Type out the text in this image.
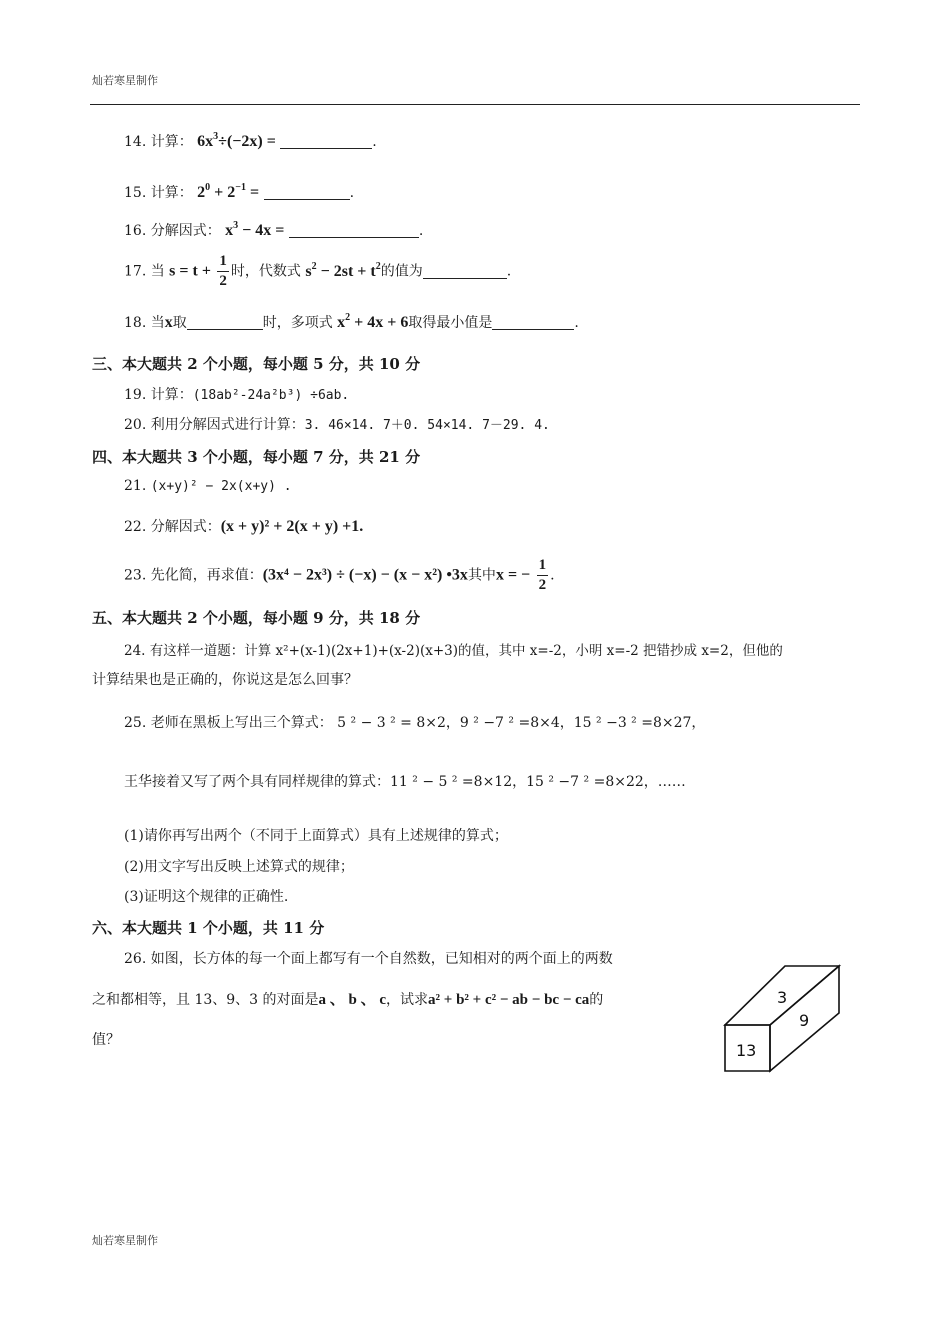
灿若寒星制作
14. 计算： $6x^3\div(-2x)$ =	.
15. 计算： $2^0 + 2^{-1}$ =	.
16. 分解因式： $x^3 - 4x$ =	.
17. 当 $s = t + \frac{1}{2}$ 时，代数式 $s^2 - 2st + t^2$的值为	.
18. 当x取	时，多项式 $x^2 + 4x + 6$取得最小值是	.
三、本大题共 2 个小题，每小题 5 分，共 10 分
19. 计算：(18ab²-24a²b³) ÷6ab.
20. 利用分解因式进行计算：3. 46×14. 7＋0. 54×14. 7－29. 4.
四、本大题共 3 个小题，每小题 7 分，共 21 分
21. (x+y)² − 2x(x+y) .
22. 分解因式：(x + y)² + 2(x + y) +1.
23. 先化简，再求值：(3x⁴ − 2x³) ÷ (−x) − (x − x²) •3x其中x = − $\frac{1}{2}$ .
五、本大题共 2 个小题，每小题 9 分，共 18 分
24. 有这样一道题：计算 x²+(x-1)(2x+1)+(x-2)(x+3)的值，其中 x=-2，小明 x=-2 把错抄成 x=2，但他的
计算结果也是正确的，你说这是怎么回事？
25. 老师在黑板上写出三个算式： 5 ² − 3 ² = 8×2，9 ² −7 ² =8×4，15 ² −3 ² =8×27，
王华接着又写了两个具有同样规律的算式：11 ² − 5 ² =8×12，15 ² −7 ² =8×22，……
(1)请你再写出两个（不同于上面算式）具有上述规律的算式；
(2)用文字写出反映上述算式的规律；
(3)证明这个规律的正确性.
六、本大题共 1 个小题，共 11 分
26. 如图，长方体的每一个面上都写有一个自然数，已知相对的两个面上的两数
之和都相等，且 13、9、3 的对面是a 、 b 、 c，试求a² + b² + c² − ab − bc − ca的
值？
3
9
13
灿若寒星制作
